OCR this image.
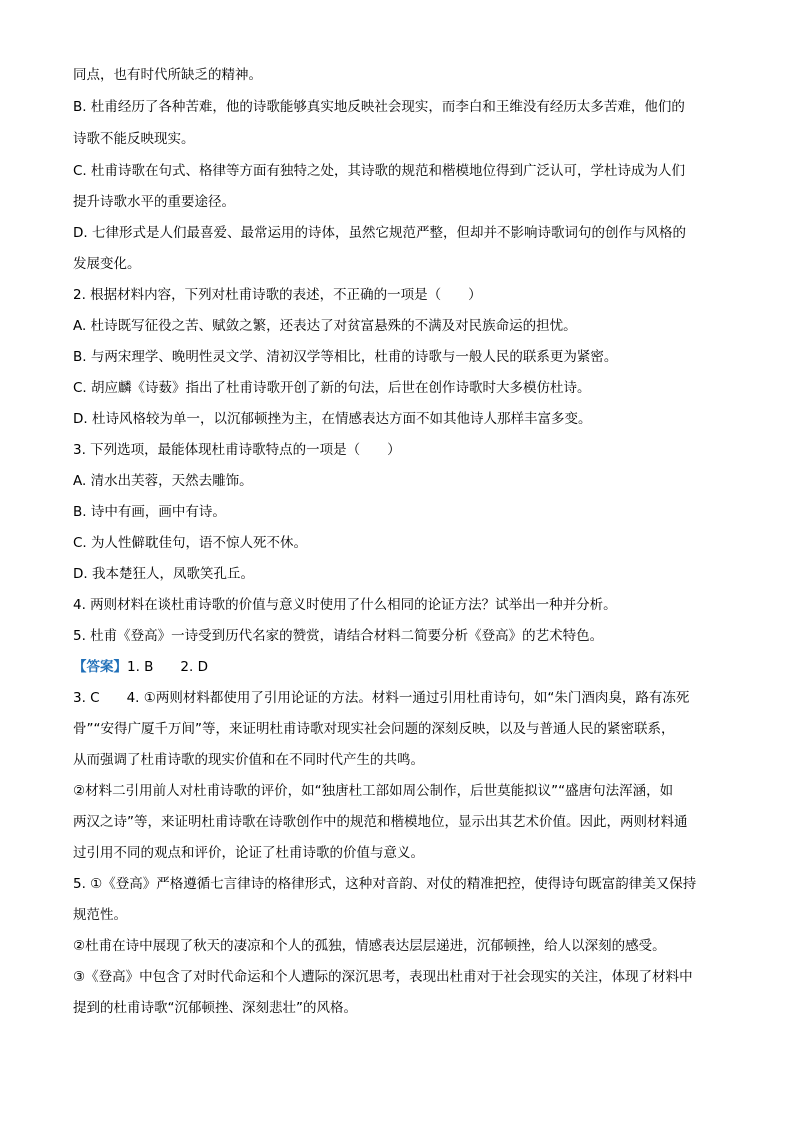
同点，也有时代所缺乏的精神。
B. 杜甫经历了各种苦难，他的诗歌能够真实地反映社会现实，而李白和王维没有经历太多苦难，他们的
诗歌不能反映现实。
C. 杜甫诗歌在句式、格律等方面有独特之处，其诗歌的规范和楷模地位得到广泛认可，学杜诗成为人们
提升诗歌水平的重要途径。
D. 七律形式是人们最喜爱、最常运用的诗体，虽然它规范严整，但却并不影响诗歌词句的创作与风格的
发展变化。
2. 根据材料内容，下列对杜甫诗歌的表述，不正确的一项是（　　）
A. 杜诗既写征役之苦、赋敛之繁，还表达了对贫富悬殊的不满及对民族命运的担忧。
B. 与两宋理学、晚明性灵文学、清初汉学等相比，杜甫的诗歌与一般人民的联系更为紧密。
C. 胡应麟《诗薮》指出了杜甫诗歌开创了新的句法，后世在创作诗歌时大多模仿杜诗。
D. 杜诗风格较为单一，以沉郁顿挫为主，在情感表达方面不如其他诗人那样丰富多变。
3. 下列选项，最能体现杜甫诗歌特点的一项是（　　）
A. 清水出芙蓉，天然去雕饰。
B. 诗中有画，画中有诗。
C. 为人性僻耽佳句，语不惊人死不休。
D. 我本楚狂人，凤歌笑孔丘。
4. 两则材料在谈杜甫诗歌的价值与意义时使用了什么相同的论证方法？试举出一种并分析。
5. 杜甫《登高》一诗受到历代名家的赞赏，请结合材料二简要分析《登高》的艺术特色。
【答案】1. B　　2. D
3. C　　4. ①两则材料都使用了引用论证的方法。材料一通过引用杜甫诗句，如“朱门酒肉臭，路有冻死
骨”“安得广厦千万间”等，来证明杜甫诗歌对现实社会问题的深刻反映，以及与普通人民的紧密联系，
从而强调了杜甫诗歌的现实价值和在不同时代产生的共鸣。
②材料二引用前人对杜甫诗歌的评价，如“独唐杜工部如周公制作，后世莫能拟议”“盛唐句法浑涵，如
两汉之诗”等，来证明杜甫诗歌在诗歌创作中的规范和楷模地位，显示出其艺术价值。因此，两则材料通
过引用不同的观点和评价，论证了杜甫诗歌的价值与意义。
5. ①《登高》严格遵循七言律诗的格律形式，这种对音韵、对仗的精准把控，使得诗句既富韵律美又保持
规范性。
②杜甫在诗中展现了秋天的凄凉和个人的孤独，情感表达层层递进，沉郁顿挫，给人以深刻的感受。
③《登高》中包含了对时代命运和个人遭际的深沉思考，表现出杜甫对于社会现实的关注，体现了材料中
提到的杜甫诗歌“沉郁顿挫、深刻悲壮”的风格。
